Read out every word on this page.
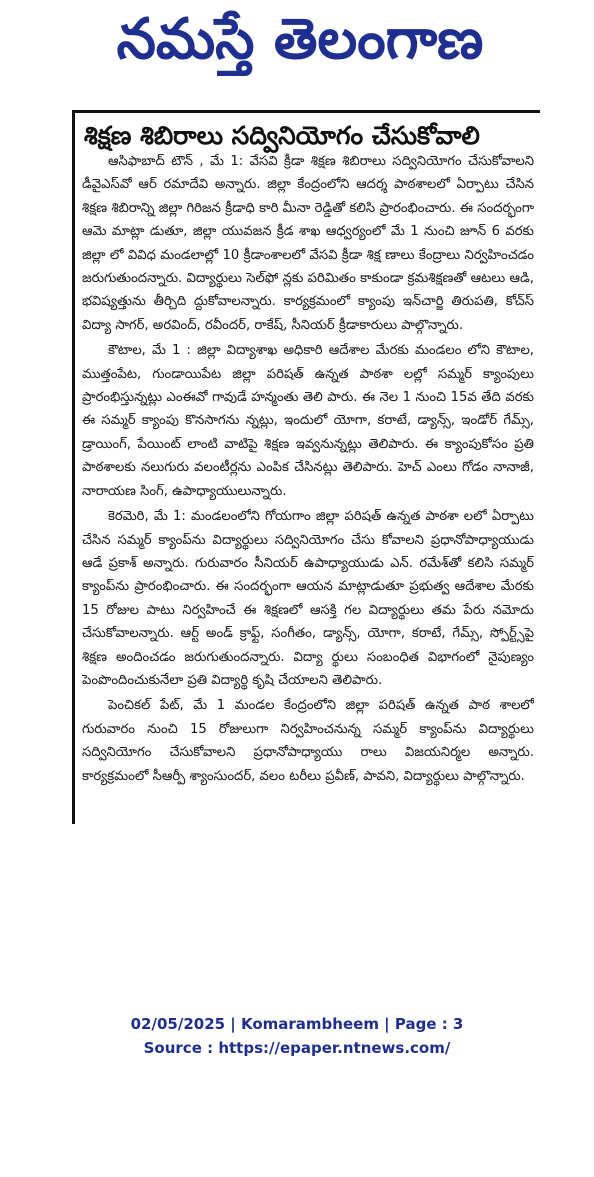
నమస్తే తెలంగాణ
శిక్షణ శిబిరాలు సద్వినియోగం చేసుకోవాలి

ఆసిఫాబాద్ టౌన్ , మే 1: వేసవి క్రీడా శిక్షణ శిబిరాలు సద్వినియోగం చేసుకోవాలని డీవైఎస్‌వో ఆర్ రమాదేవి అన్నారు. జిల్లా కేంద్రంలోని ఆదర్శ పాఠశాలలో ఏర్పాటు చేసిన శిక్షణ శిబిరాన్ని జిల్లా గిరిజన క్రీడాధి కారి మీనా రెడ్డితో కలిసి ప్రారంభించారు. ఈ సందర్భంగా ఆమె మాట్లా డుతూ, జిల్లా యువజన క్రీడ శాఖ ఆధ్వర్యంలో మే 1 నుంచి జూన్ 6 వరకు జిల్లా లో వివిధ మండలాల్లో 10 క్రీడాంశాలలో వేసవి క్రీడా శిక్ష ణాలు కేంద్రాలు నిర్వహించడం జరుగుతుందన్నారు. విద్యార్థులు సెల్‌ఫో న్లకు పరిమితం కాకుండా క్రమశిక్షణతో ఆటలు ఆడి, భవిష్యత్తును తీర్చిది ద్దుకోవాలన్నారు. కార్యక్రమంలో క్యాంపు ఇన్‌చార్జి తిరుపతి, కోచ్‌స్ విద్యా సాగర్, అరవింద్, రవీందర్, రాకేష్, సీనియర్ క్రీడాకారులు పాల్గొన్నారు.

కౌటాల, మే 1 : జిల్లా విద్యాశాఖ అధికారి ఆదేశాల మేరకు మండలం లోని కౌటాల, ముత్తంపేట, గుండాయిపేట జిల్లా పరిషత్ ఉన్నత పాఠశా లల్లో సమ్మర్ క్యాంపులు ప్రారంభిస్తున్నట్లు ఎంఈవో గావుడే హన్మంతు తెలి పారు. ఈ నెల 1 నుంచి 15వ తేది వరకు ఈ సమ్మర్ క్యాంపు కొనసాగను న్నట్లు, ఇందులో యోగా, కరాటే, డ్యాన్స్, ఇండోర్ గేమ్స్, డ్రాయింగ్, పేయింట్ లాంటి వాటిపై శిక్షణ ఇవ్వనున్నట్లు తెలిపారు. ఈ క్యాంపుకోసం ప్రతి పాఠశాలకు నలుగురు వలంటీర్లను ఎంపిక చేసినట్లు తెలిపారు. హెచ్ ఎంలు గోడం నానాజీ, నారాయణ సింగ్, ఉపాధ్యాయులున్నారు.

కెరమెరి, మే 1: మండలంలోని గోయగాం జిల్లా పరిషత్ ఉన్నత పాఠశా లలో ఏర్పాటు చేసిన సమ్మర్ క్యాంప్‌ను విద్యార్థులు సద్వినియోగం చేసు కోవాలని ప్రధానోపాధ్యాయుడు ఆడే ప్రకాశ్ అన్నారు. గురువారం సీనియర్ ఉపాధ్యాయుడు ఎన్. రమేశ్‌తో కలిసి సమ్మర్ క్యాంప్‌ను ప్రారంభించారు. ఈ సందర్భంగా ఆయన మాట్లాడుతూ ప్రభుత్వ ఆదేశాల మేరకు 15 రోజుల పాటు నిర్వహించే ఈ శిక్షణలో ఆసక్తి గల విద్యార్థులు తమ పేరు నమోదు చేసుకోవాలన్నారు. ఆర్ట్ అండ్ క్రాఫ్ట్, సంగీతం, డ్యాన్స్, యోగా, కరాటే, గేమ్స్, స్పోర్ట్స్‌పై శిక్షణ అందించడం జరుగుతుందన్నారు. విద్యా ర్థులు సంబంధిత విభాగంలో నైపుణ్యం పెంపొందించుకునేలా ప్రతి విద్యార్థి కృషి చేయాలని తెలిపారు.

పెంచికల్ పేట్, మే 1 మండల కేంద్రంలోని జిల్లా పరిషత్ ఉన్నత పాఠ శాలలో గురువారం నుంచి 15 రోజులుగా నిర్వహించనున్న సమ్మర్ క్యాంప్‌ను విద్యార్థులు సద్వినియోగం చేసుకోవాలని ప్రధానోపాధ్యాయు రాలు విజయనిర్మల అన్నారు. కార్యక్రమంలో సీఆర్పీ శ్యాంసుందర్, వలం టరీలు ప్రవీణ్, పావని, విద్యార్థులు పాల్గొన్నారు.

02/05/2025 | Komarambheem | Page : 3
Source : https://epaper.ntnews.com/
